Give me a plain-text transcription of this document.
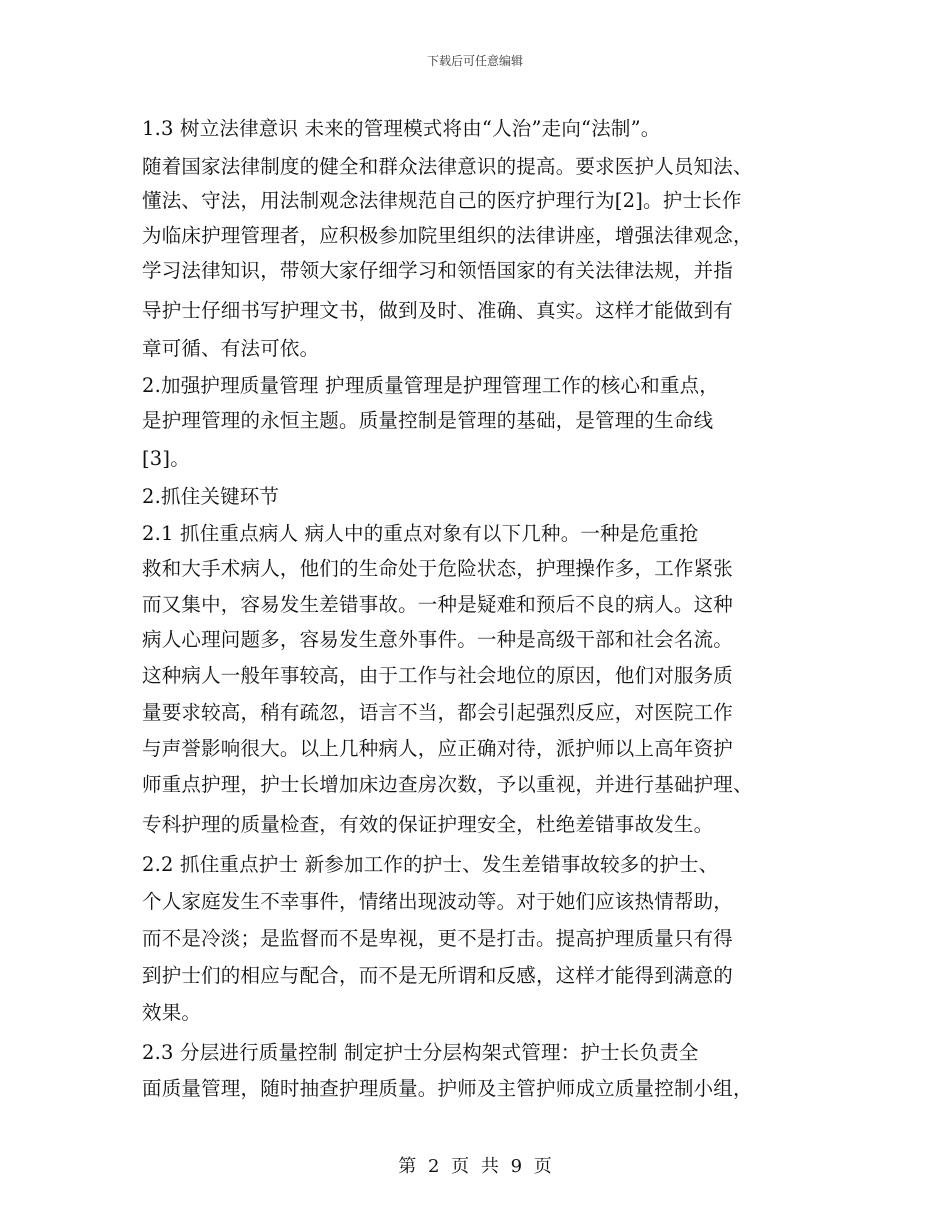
下载后可任意编辑
1.3 树立法律意识 未来的管理模式将由“人治”走向“法制”。
随着国家法律制度的健全和群众法律意识的提高。要求医护人员知法、
懂法、守法，用法制观念法律规范自己的医疗护理行为[2]。护士长作
为临床护理管理者，应积极参加院里组织的法律讲座，增强法律观念，
学习法律知识，带领大家仔细学习和领悟国家的有关法律法规，并指
导护士仔细书写护理文书，做到及时、准确、真实。这样才能做到有
章可循、有法可依。
2.加强护理质量管理 护理质量管理是护理管理工作的核心和重点，
是护理管理的永恒主题。质量控制是管理的基础，是管理的生命线
[3]。
2.抓住关键环节
2.1 抓住重点病人 病人中的重点对象有以下几种。一种是危重抢
救和大手术病人，他们的生命处于危险状态，护理操作多，工作紧张
而又集中，容易发生差错事故。一种是疑难和预后不良的病人。这种
病人心理问题多，容易发生意外事件。一种是高级干部和社会名流。
这种病人一般年事较高，由于工作与社会地位的原因，他们对服务质
量要求较高，稍有疏忽，语言不当，都会引起强烈反应，对医院工作
与声誉影响很大。以上几种病人，应正确对待，派护师以上高年资护
师重点护理，护士长增加床边查房次数，予以重视，并进行基础护理、
专科护理的质量检查，有效的保证护理安全，杜绝差错事故发生。
2.2 抓住重点护士 新参加工作的护士、发生差错事故较多的护士、
个人家庭发生不幸事件，情绪出现波动等。对于她们应该热情帮助，
而不是冷淡；是监督而不是卑视，更不是打击。提高护理质量只有得
到护士们的相应与配合，而不是无所谓和反感，这样才能得到满意的
效果。
2.3 分层进行质量控制 制定护士分层构架式管理：护士长负责全
面质量管理，随时抽查护理质量。护师及主管护师成立质量控制小组，
第 2 页 共 9 页
